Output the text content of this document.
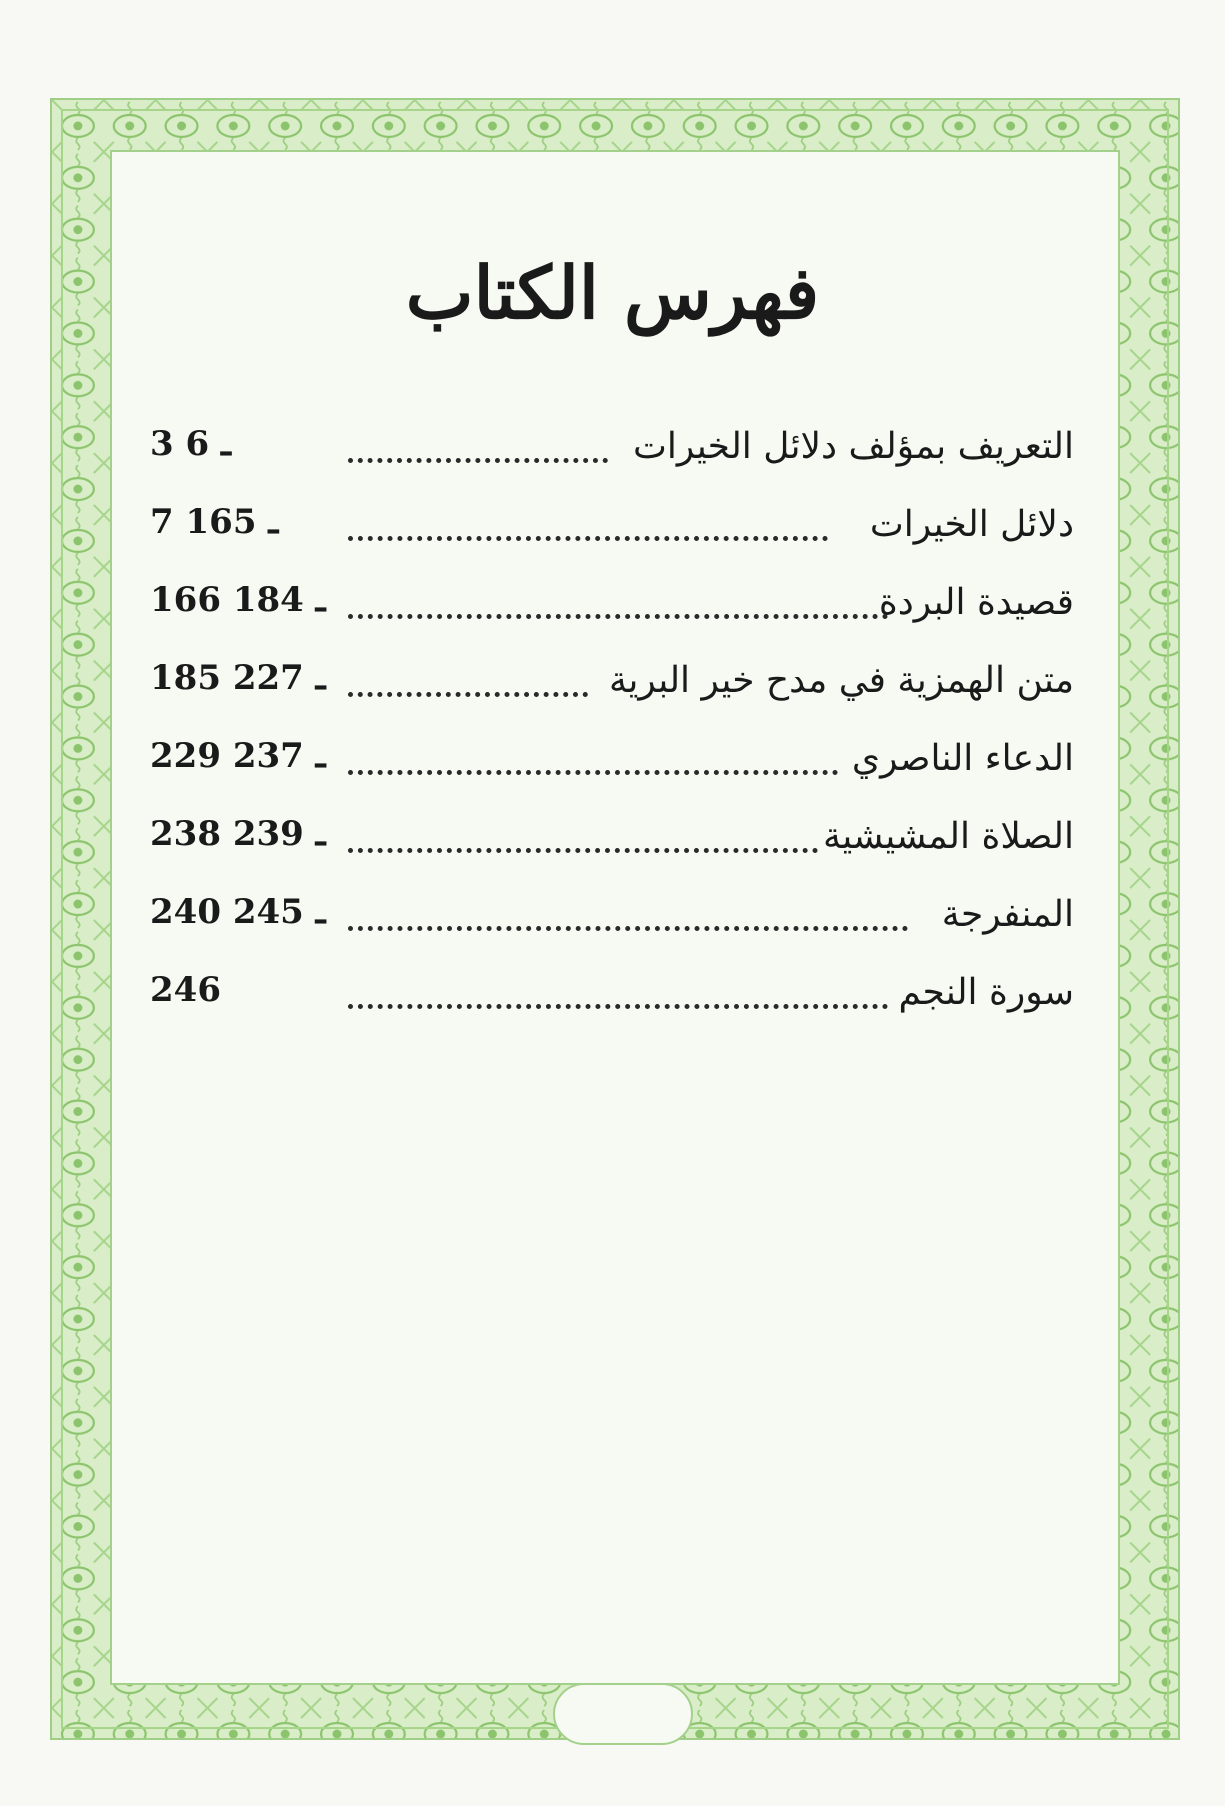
فهرس الكتاب
التعريف بمؤلف دلائل الخيرات
3 ـ 6
دلائل الخيرات
7 ـ 165
قصيدة البردة
166 ـ 184
متن الهمزية في مدح خير البرية
185 ـ 227
الدعاء الناصري
229 ـ 237
الصلاة المشيشية
238 ـ 239
المنفرجة
240 ـ 245
سورة النجم
246
